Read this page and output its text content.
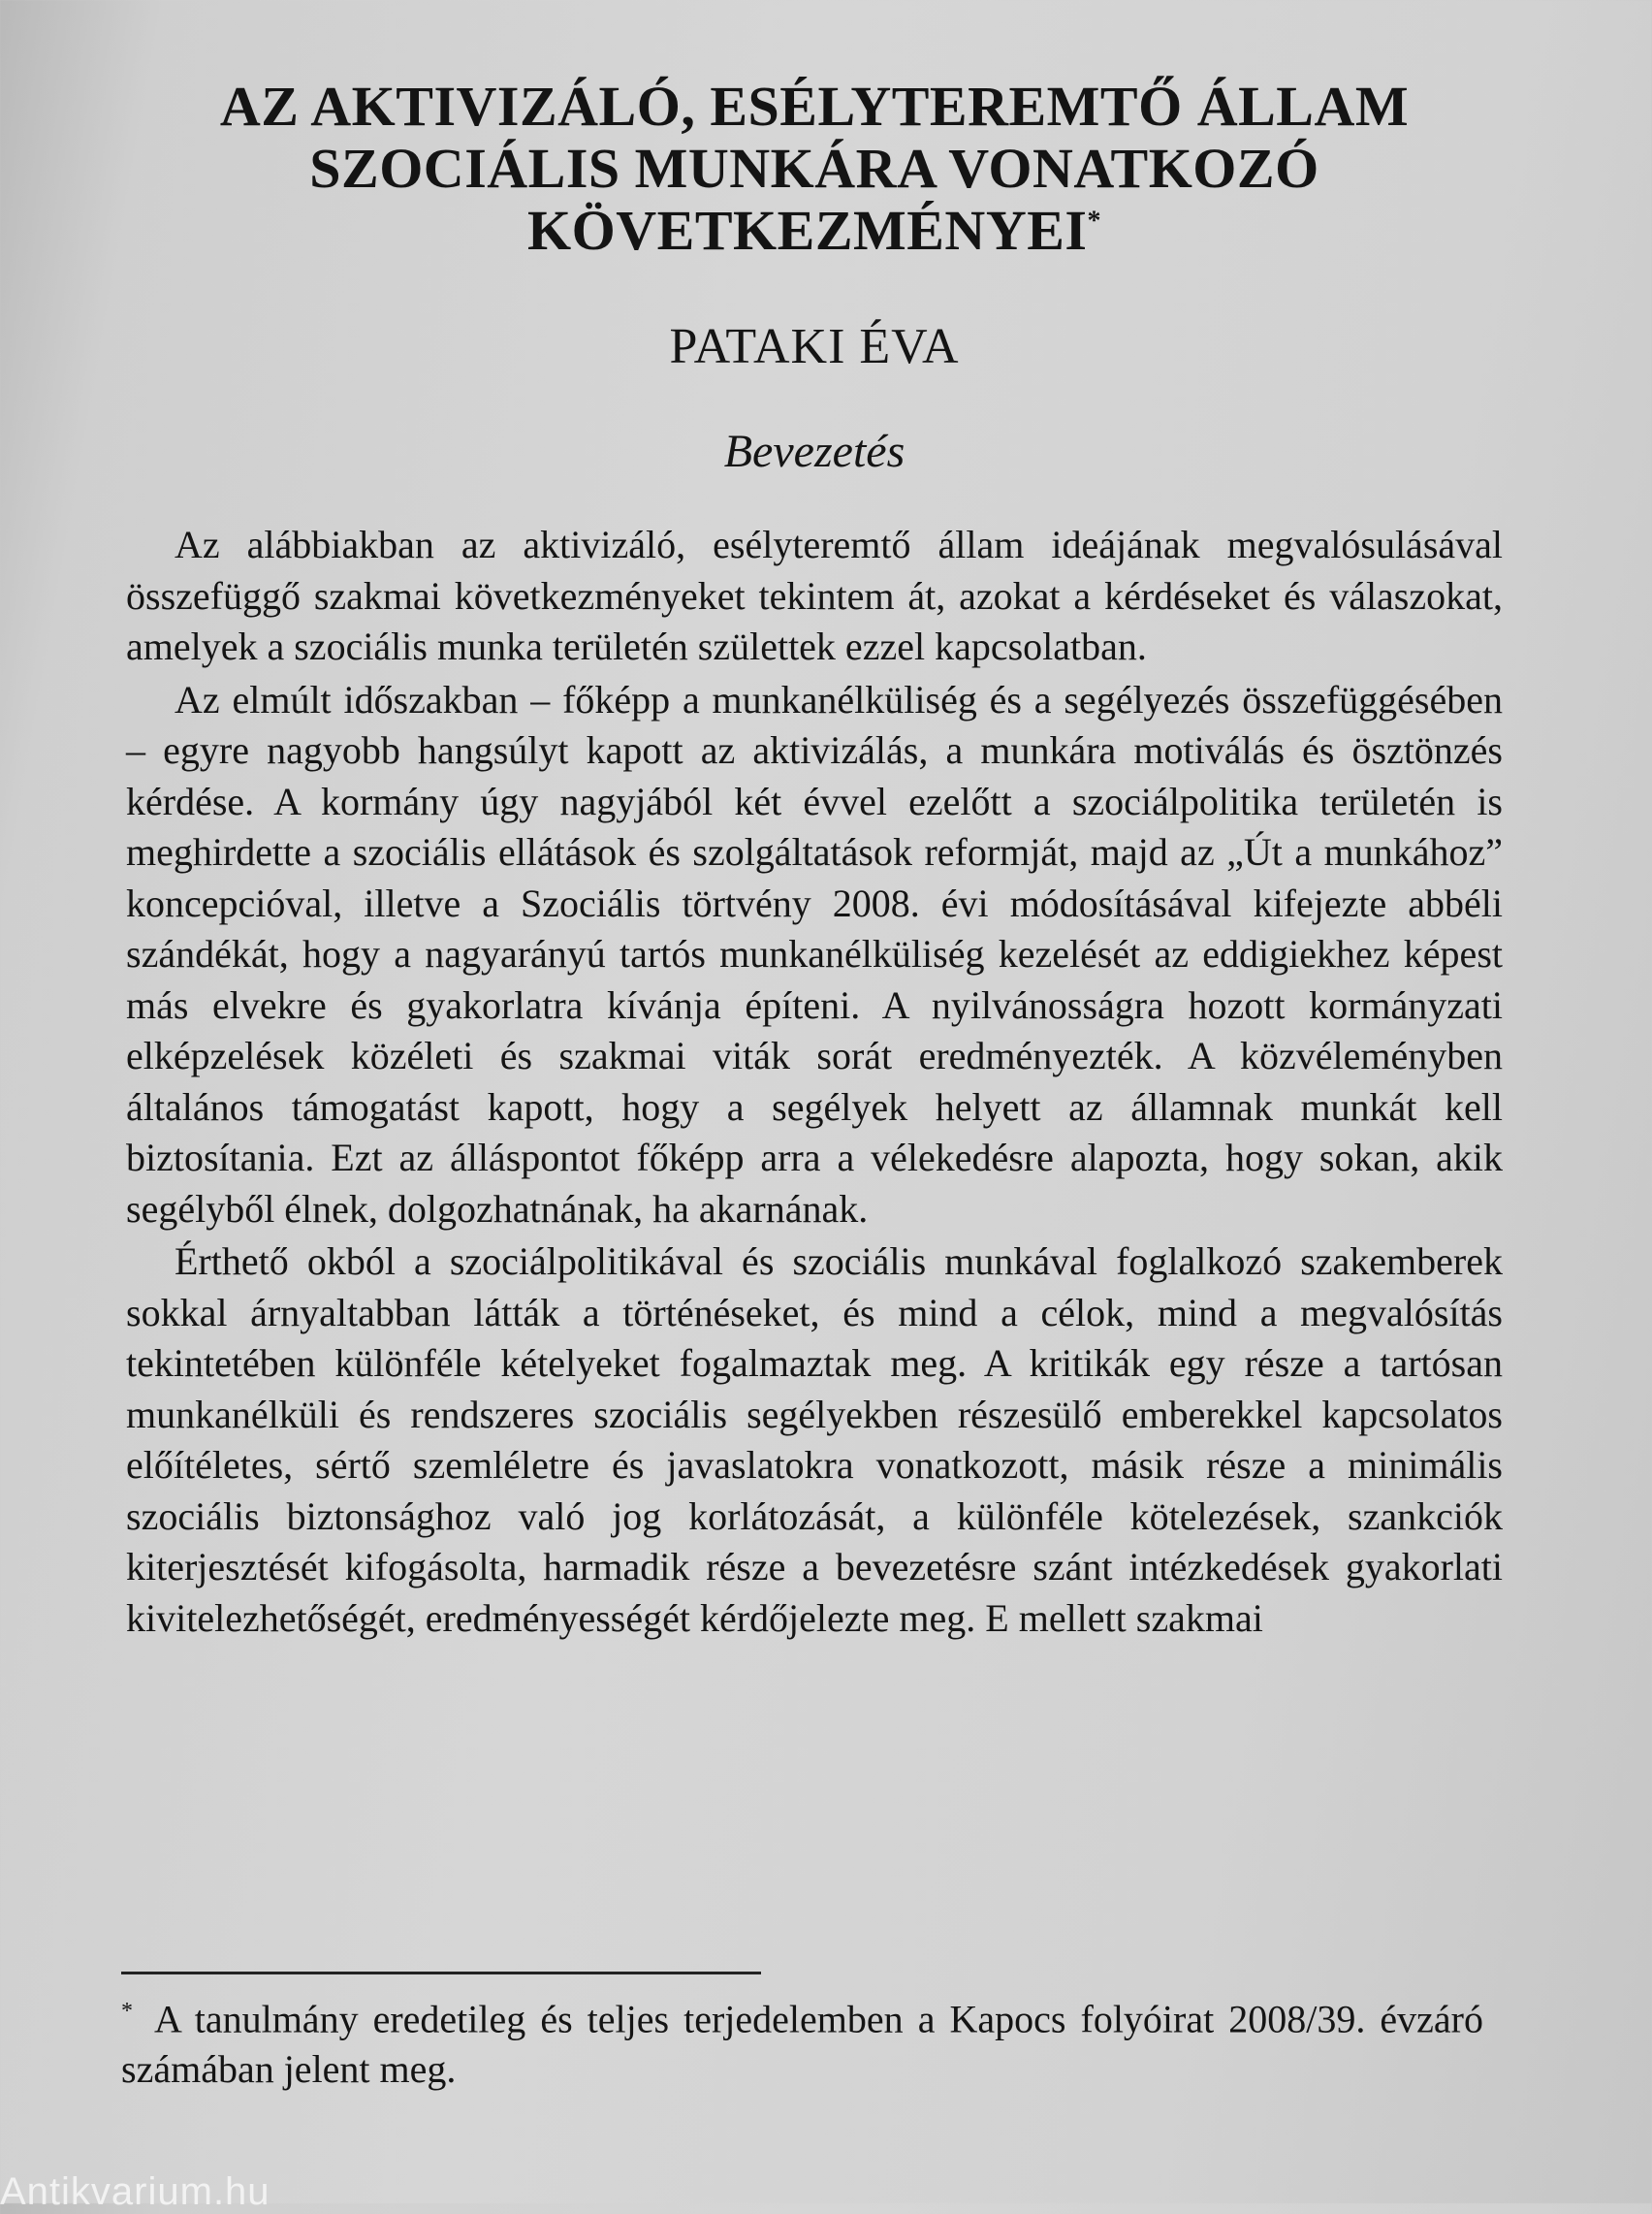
AZ AKTIVIZÁLÓ, ESÉLYTEREMTŐ ÁLLAM
SZOCIÁLIS MUNKÁRA VONATKOZÓ
KÖVETKEZMÉNYEI*
PATAKI ÉVA
Bevezetés

Az alábbiakban az aktivizáló, esélyteremtő állam ideájának megvalósulásával összefüggő szakmai következményeket tekintem át, azokat a kérdéseket és válaszokat, amelyek a szociális munka területén születtek ezzel kapcsolatban.

Az elmúlt időszakban – főképp a munkanélküliség és a segélyezés összefüggésében – egyre nagyobb hangsúlyt kapott az aktivizálás, a munkára motiválás és ösztönzés kérdése. A kormány úgy nagyjából két évvel ezelőtt a szociálpolitika területén is meghirdette a szociális ellátások és szolgáltatások reformját, majd az „Út a munkához” koncepcióval, illetve a Szociális törtvény 2008. évi módosításával kifejezte abbéli szándékát, hogy a nagyarányú tartós munkanélküliség kezelését az eddigiekhez képest más elvekre és gyakorlatra kívánja építeni. A nyilvánosságra hozott kormányzati elképzelések közéleti és szakmai viták sorát eredményezték. A közvéleményben általános támogatást kapott, hogy a segélyek helyett az államnak munkát kell biztosítania. Ezt az álláspontot főképp arra a vélekedésre alapozta, hogy sokan, akik segélyből élnek, dolgozhatnának, ha akarnának.

Érthető okból a szociálpolitikával és szociális munkával foglalkozó szakemberek sokkal árnyaltabban látták a történéseket, és mind a célok, mind a megvalósítás tekintetében különféle kételyeket fogalmaztak meg. A kritikák egy része a tartósan munkanélküli és rendszeres szociális segélyekben részesülő emberekkel kapcsolatos előítéletes, sértő szemléletre és javaslatokra vonatkozott, másik része a minimális szociális biztonsághoz való jog korlátozását, a különféle kötelezések, szankciók kiterjesztését kifogásolta, harmadik része a bevezetésre szánt intézkedések gyakorlati kivitelezhetőségét, eredményességét kérdőjelezte meg. E mellett szakmai

* A tanulmány eredetileg és teljes terjedelemben a Kapocs folyóirat 2008/39. évzáró számában jelent meg.

Antikvarium.hu
